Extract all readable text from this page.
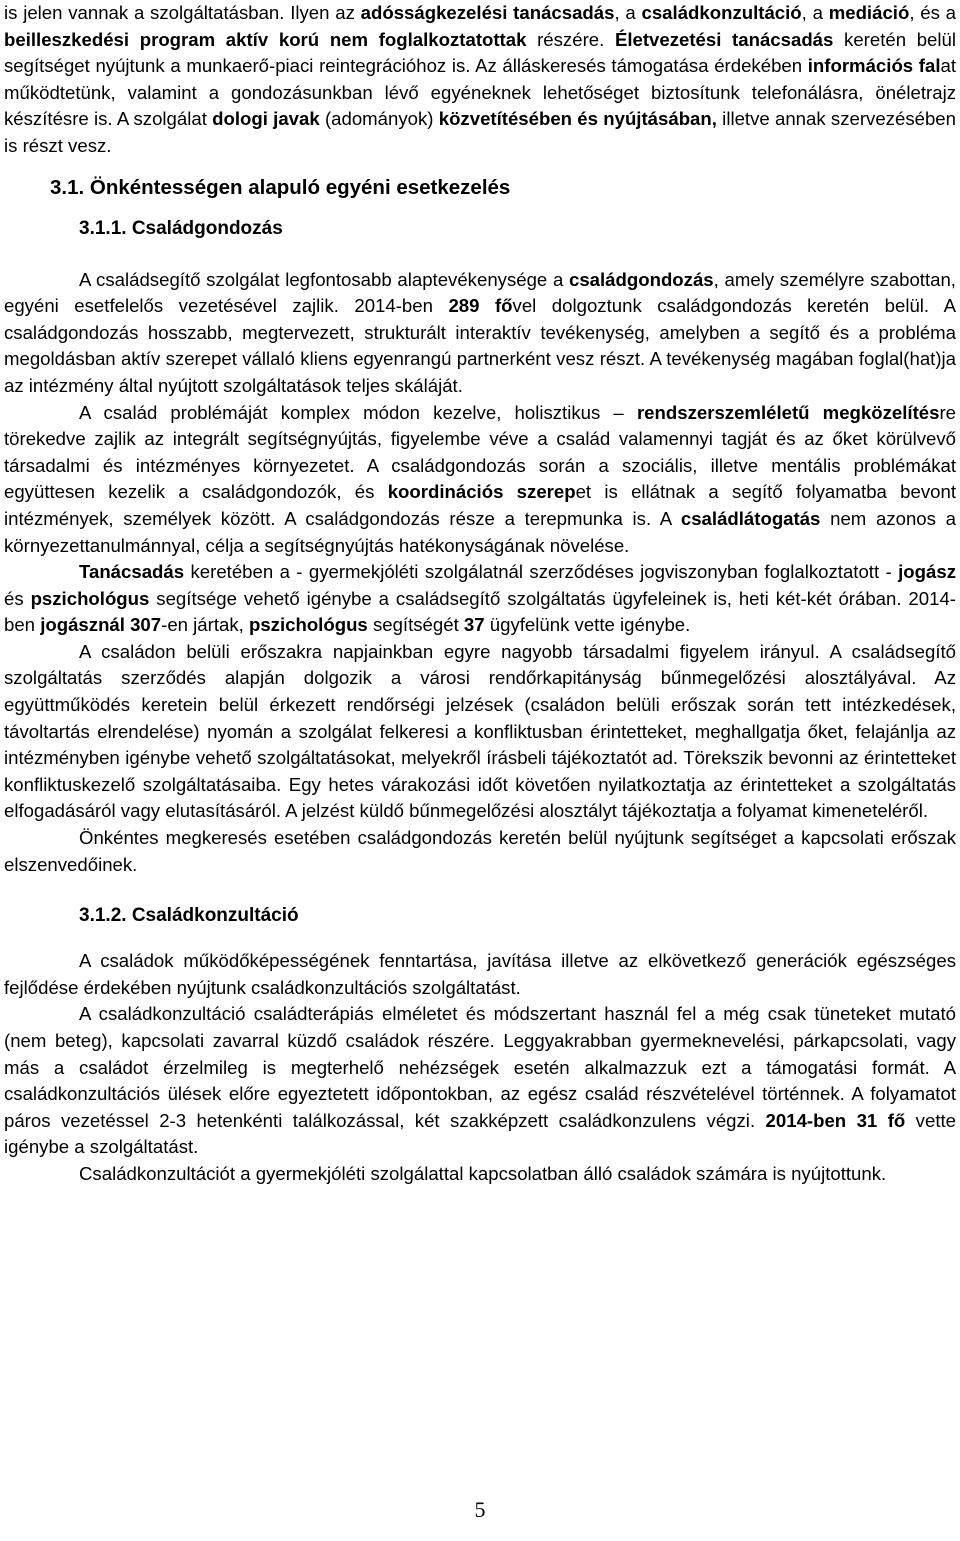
is jelen vannak a szolgáltatásban. Ilyen az adósságkezelési tanácsadás, a családkonzultáció, a mediáció, és a beilleszkedési program aktív korú nem foglalkoztatottak részére. Életvezetési tanácsadás keretén belül segítséget nyújtunk a munkaerő-piaci reintegrációhoz is. Az álláskeresés támogatása érdekében információs falat működtetünk, valamint a gondozásunkban lévő egyéneknek lehetőséget biztosítunk telefonálásra, önéletrajz készítésre is. A szolgálat dologi javak (adományok) közvetítésében és nyújtásában, illetve annak szervezésében is részt vesz.

3.1. Önkéntességen alapuló egyéni esetkezelés
3.1.1. Családgondozás

A családsegítő szolgálat legfontosabb alaptevékenysége a családgondozás, amely személyre szabottan, egyéni esetfelelős vezetésével zajlik. 2014-ben 289 fővel dolgoztunk családgondozás keretén belül. A családgondozás hosszabb, megtervezett, strukturált interaktív tevékenység, amelyben a segítő és a probléma megoldásban aktív szerepet vállaló kliens egyenrangú partnerként vesz részt. A tevékenység magában foglal(hat)ja az intézmény által nyújtott szolgáltatások teljes skáláját.

A család problémáját komplex módon kezelve, holisztikus – rendszerszemléletű megközelítésre törekedve zajlik az integrált segítségnyújtás, figyelembe véve a család valamennyi tagját és az őket körülvevő társadalmi és intézményes környezetet. A családgondozás során a szociális, illetve mentális problémákat együttesen kezelik a családgondozók, és koordinációs szerepet is ellátnak a segítő folyamatba bevont intézmények, személyek között. A családgondozás része a terepmunka is. A családlátogatás nem azonos a környezettanulmánnyal, célja a segítségnyújtás hatékonyságának növelése.

Tanácsadás keretében a - gyermekjóléti szolgálatnál szerződéses jogviszonyban foglalkoztatott - jogász és pszichológus segítsége vehető igénybe a családsegítő szolgáltatás ügyfeleinek is, heti két-két órában. 2014-ben jogásznál 307-en jártak, pszichológus segítségét 37 ügyfelünk vette igénybe.

A családon belüli erőszakra napjainkban egyre nagyobb társadalmi figyelem irányul. A családsegítő szolgáltatás szerződés alapján dolgozik a városi rendőrkapitányság bűnmegelőzési alosztályával. Az együttműködés keretein belül érkezett rendőrségi jelzések (családon belüli erőszak során tett intézkedések, távoltartás elrendelése) nyomán a szolgálat felkeresi a konfliktusban érintetteket, meghallgatja őket, felajánlja az intézményben igénybe vehető szolgáltatásokat, melyekről írásbeli tájékoztatót ad. Törekszik bevonni az érintetteket konfliktuskezelő szolgáltatásaiba. Egy hetes várakozási időt követően nyilatkoztatja az érintetteket a szolgáltatás elfogadásáról vagy elutasításáról. A jelzést küldő bűnmegelőzési alosztályt tájékoztatja a folyamat kimeneteléről.

Önkéntes megkeresés esetében családgondozás keretén belül nyújtunk segítséget a kapcsolati erőszak elszenvedőinek.

3.1.2. Családkonzultáció

A családok működőképességének fenntartása, javítása illetve az elkövetkező generációk egészséges fejlődése érdekében nyújtunk családkonzultációs szolgáltatást.

A családkonzultáció családterápiás elméletet és módszertant használ fel a még csak tüneteket mutató (nem beteg), kapcsolati zavarral küzdő családok részére. Leggyakrabban gyermeknevelési, párkapcsolati, vagy más a családot érzelmileg is megterhelő nehézségek esetén alkalmazzuk ezt a támogatási formát. A családkonzultációs ülések előre egyeztetett időpontokban, az egész család részvételével történnek. A folyamatot páros vezetéssel 2-3 hetenkénti találkozással, két szakképzett családkonzulens végzi. 2014-ben 31 fő vette igénybe a szolgáltatást.

Családkonzultációt a gyermekjóléti szolgálattal kapcsolatban álló családok számára is nyújtottunk.

5
